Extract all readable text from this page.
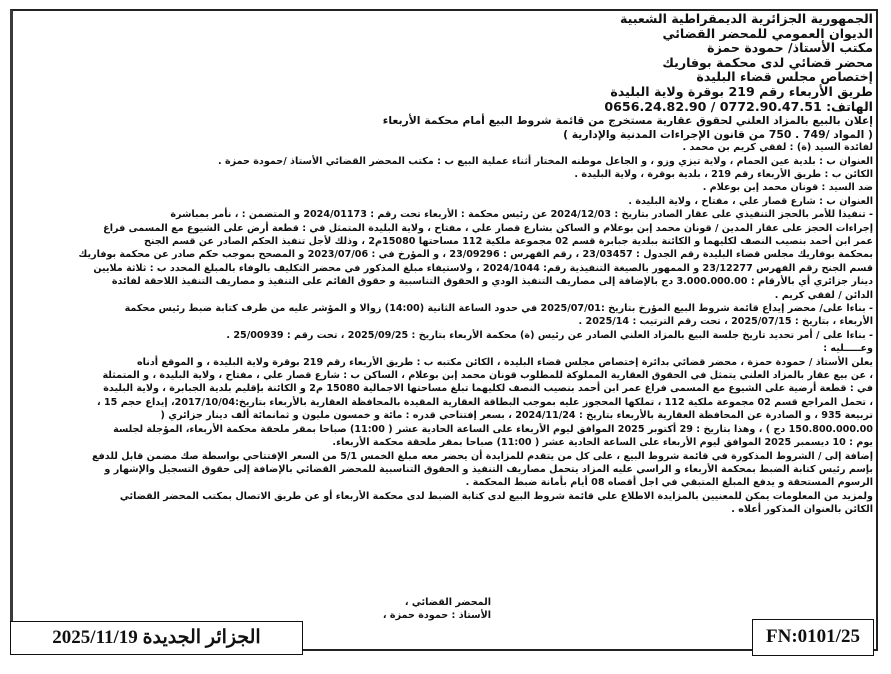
الجمهورية الجزائرية الديمقراطية الشعبية
الديوان العمومي للمحضر القضائي
مكتب الأستاذ/ حمودة حمزة
محضر قضائي لدى محكمة بوفاريك
إختصاص مجلس قضاء البليدة
طريق الأربعاء رقم 219 بوقرة ولاية البليدة
الهاتف: 0772.90.47.51 / 0656.24.82.90
إعلان بالبيع بالمزاد العلني لحقوق عقارية مستخرج من قائمة شروط البيع أمام محكمة الأربعاء
( المواد /749 . 750 من قانون الإجراءات المدنية والإدارية )
لفائدة السيد (ة) : لفقي كريم بن محمد .
العنوان ب : بلدية عين الحمام ، ولاية تيزي وزو ، و الجاعل موطنه المختار أثناء عملية البيع ب : مكتب المحضر القضائي الأستاذ /حمودة حمزة .
الكائن ب : طريق الأربعاء رقم 219 ، بلدية بوقرة ، ولاية البليدة .
ضد السيد : قونان محمد إبن بوعلام .
العنوان ب : شارع قصار علي ، مفتاح ، ولاية البليدة .
- تنفيذا للأمر بالحجز التنفيذي على عقار الصادر بتاريخ : 2024/12/03 عن رئيس محكمة : الأربعاء تحت رقم : 2024/01173 و المتضمن : ، نأمر بمباشرة
إجراءات الحجز على عقار المدين / قونان محمد إبن بوعلام و الساكن بشارع قصار علي ، مفتاح ، ولاية البليدة المتمثل في : قطعة أرض على الشيوع مع المسمى فراغ
عمر ابن أحمد بنصيب النصف لكليهما و الكائنة ببلدية جبابرة قسم 02 مجموعة ملكية 112 مساحتها 15080م2 ، وذلك لأجل تنفيذ الحكم الصادر عن قسم الجنح
بمحكمة بوفاريك مجلس قضاء البليدة رقم الجدول : 23/03457 ، رقم الفهرس : 23/09296 ، و المؤرخ في : 2023/07/06 و المصحح بموجب حكم صادر عن محكمة بوفاريك
قسم الجنح رقم الفهرس 23/12277 و الممهور بالصيغة التنفيذية رقم: 2024/1044 ، ولاستيفاء مبلغ المذكور في محضر التكليف بالوفاء بالمبلغ المحدد ب : ثلاثة ملايين
دينار جزائري أي بالأرقام : 3.000.000.00 دج بالإضافة إلى مصاريف التنفيذ الودي و الحقوق التناسبية و حقوق القائم على التنفيذ و مصاريف التنفيذ اللاحقة لفائدة
الدائن / لفقي كريم .
- بناءا على/ محضر إيداع قائمة شروط البيع المؤرخ بتاريخ :2025/07/01 في حدود الساعة الثانية (14:00) زوالا و المؤشر عليه من طرف كتابة ضبط رئيس محكمة
الأربعاء ، بتاريخ : 2025/07/15 ، تحت رقم الترتيب : 2025/14 .
- بناءا على / أمر تحديد تاريخ جلسة البيع بالمزاد العلني الصادر عن رئيس (ة) محكمة الأربعاء بتاريخ : 2025/09/25 ، تحت رقم : 25/00939 .
وعـــــليه :
يعلن الأستاذ / حمودة حمزة ، محضر قضائي بدائرة إختصاص مجلس قضاء البليدة ، الكائن مكتبه ب : طريق الأربعاء رقم 219 بوقرة ولاية البليدة ، و الموقع أدناه
، عن بيع عقار بالمزاد العلني يتمثل في الحقوق العقارية المملوكة للمطلوب قونان محمد إبن بوعلام ، الساكن ب : شارع قصار علي ، مفتاح ، ولاية البليدة ، و المتمثلة
في : قطعة أرضية على الشيوع مع المسمى فراغ عمر ابن أحمد بنصيب النصف لكليهما تبلغ مساحتها الاجمالية 15080 م2 و الكائنة بإقليم بلدية الجبابرة ، ولاية البليدة
، تحمل المراجع قسم 02 مجموعة ملكية 112 ، تملكها المحجوز عليه بموجب البطاقة العقارية المقيدة بالمحافظة العقارية بالأربعاء بتاريخ:2017/10/04، إيداع حجم 15 ،
تربيعة 935 ، و الصادرة عن المحافظة العقارية بالأربعاء بتاريخ : 2024/11/24 ، بسعر إفتتاحي قدره : مائة و خمسون مليون و ثمانمائة ألف دينار جزائري (
150.800.000.00 دج ) ، وهذا بتاريخ : 29 أكتوبر 2025 الموافق ليوم الأربعاء على الساعة الحادية عشر ( 11:00) صباحا بمقر ملحقة محكمة الأربعاء، المؤجلة لجلسة
يوم : 10 ديسمبر 2025 الموافق ليوم الأربعاء على الساعة الحادية عشر ( 11:00) صباحا بمقر ملحقة محكمة الأربعاء.
إضافة إلى / الشروط المذكورة في قائمة شروط البيع ، على كل من يتقدم للمزايدة أن يحضر معه مبلغ الخمس 5/1 من السعر الإفتتاحي بواسطة صك مضمن قابل للدفع
بإسم رئيس كتابة الضبط بمحكمة الأربعاء و الراسي عليه المزاد يتحمل مصاريف التنفيذ و الحقوق التناسبية للمحضر القضائي بالإضافة إلى حقوق التسجيل والإشهار و
الرسوم المستحقة و يدفع المبلغ المتبقي في اجل أقصاه 08 أيام بأمانة ضبط المحكمة .
ولمزيد من المعلومات يمكن للمعنيين بالمزايدة الاطلاع علي قائمة شروط البيع لدى كتابة الضبط لدى محكمة الأربعاء أو عن طريق الاتصال بمكتب المحضر القضائي
الكائن بالعنوان المذكور أعلاه .
المحضر القضائي ،
الأستاذ : حمودة حمزة ،
الجزائر الجديدة 2025/11/19	FN:0101/25
